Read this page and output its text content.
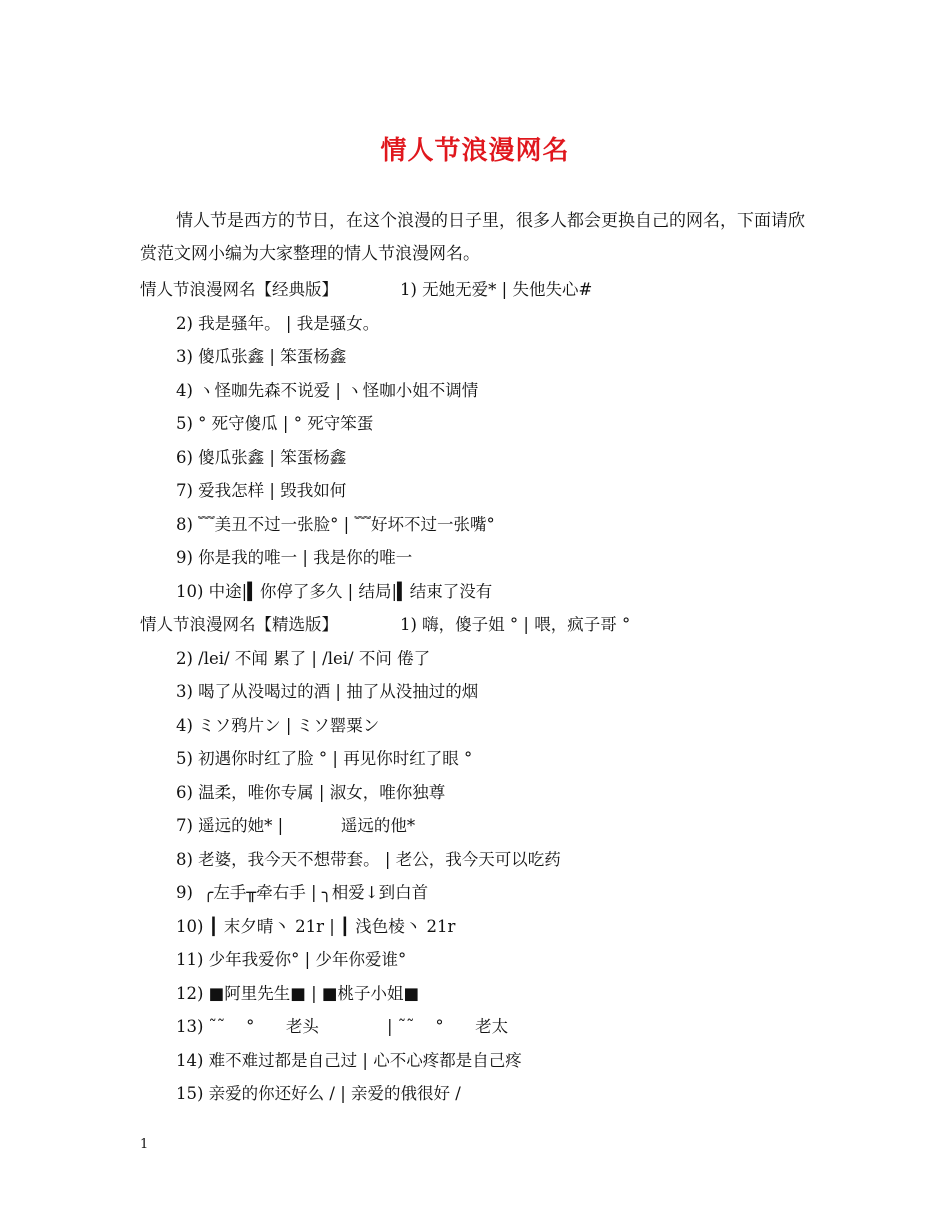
情人节浪漫网名
情人节是西方的节日，在这个浪漫的日子里，很多人都会更换自己的网名，下面请欣赏范文网小编为大家整理的情人节浪漫网名。
情人节浪漫网名【经典版】	1) 无她无爱* | 失他失心#
2) 我是骚年。 | 我是骚女。
3) 傻瓜张鑫 | 笨蛋杨鑫
4) ヽ怪咖先森不说爱 | ヽ怪咖小姐不调情
5) ° 死守傻瓜 | ° 死守笨蛋
6) 傻瓜张鑫 | 笨蛋杨鑫
7) 爱我怎样 | 毁我如何
8) ﹌美丑不过一张脸° | ﹌好坏不过一张嘴°
9) 你是我的唯一 | 我是你的唯一
10) 中途|▍你停了多久 | 结局|▍结束了没有
情人节浪漫网名【精选版】	1) 嗨，傻子姐 ° | 喂，疯子哥 °
2) /lei/ 不闻 累了 | /lei/ 不问 倦了
3) 喝了从没喝过的酒 | 抽了从没抽过的烟
4) ミソ鸦片ン | ミソ罂粟ン
5) 初遇你时红了脸 ° | 再见你时红了眼 °
6) 温柔，唯你专属 | 淑女，唯你独尊
7) 遥远的她* |           遥远的他*
8) 老婆，我今天不想带套。 | 老公，我今天可以吃药
9)  ╭左手╥牵右手 | ╮相爱↓到白首
10) ┃ 末夕晴丶 21r | ┃ 浅色棱丶 21r
11) 少年我爱你° | 少年你爱谁°
12) ■阿里先生■ | ■桃子小姐■
13) ˜˜    °      老头             | ˜˜    °      老太
14) 难不难过都是自己过 | 心不心疼都是自己疼
15) 亲爱的你还好么 / | 亲爱的俄很好 /
1
